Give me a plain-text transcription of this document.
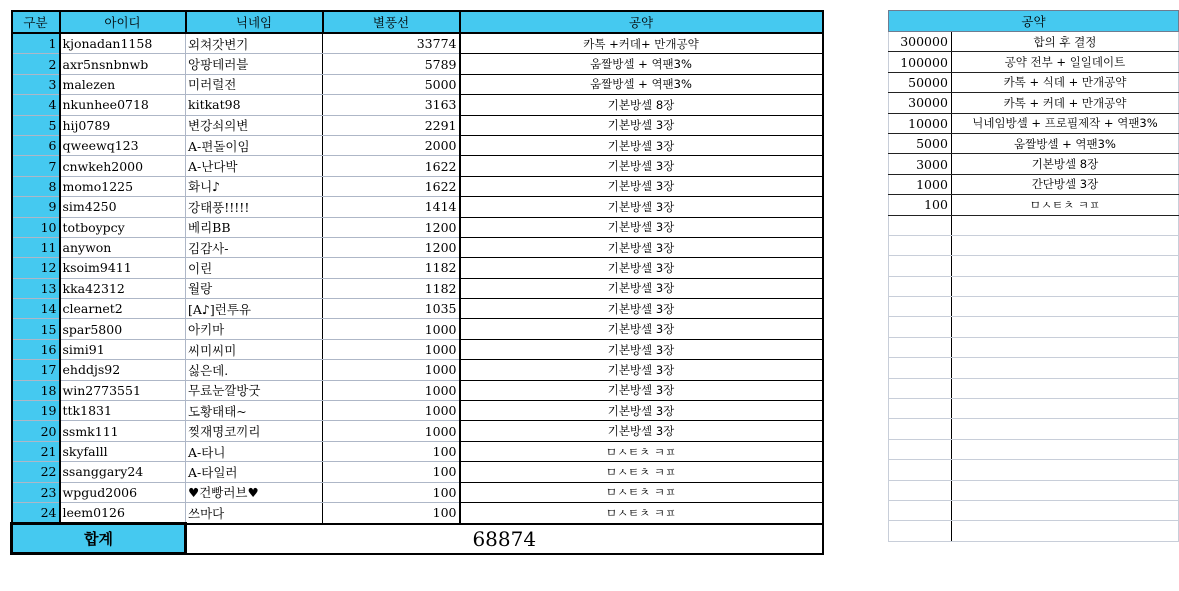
구분	아이디	닉네임	별풍선	공약
1	kjonadan1158	외쳐갓변기	33774	카톡 +커데+ 만개공약
2	axr5nsnbnwb	앙팡테러블	5789	움짤방셀 + 역팬3%
3	malezen	미러럴전	5000	움짤방셀 + 역팬3%
4	nkunhee0718	kitkat98	3163	기본방셀 8장
5	hij0789	변강쇠의변	2291	기본방셀 3장
6	qweewq123	A-편돌이임	2000	기본방셀 3장
7	cnwkeh2000	A-난다박	1622	기본방셀 3장
8	momo1225	화니♪	1622	기본방셀 3장
9	sim4250	강태풍!!!!!	1414	기본방셀 3장
10	totboypcy	베리BB	1200	기본방셀 3장
11	anywon	김감사-	1200	기본방셀 3장
12	ksoim9411	이린	1182	기본방셀 3장
13	kka42312	월랑	1182	기본방셀 3장
14	clearnet2	[A♪]런투유	1035	기본방셀 3장
15	spar5800	아키마	1000	기본방셀 3장
16	simi91	씨미씨미	1000	기본방셀 3장
17	ehddjs92	싫은데.	1000	기본방셀 3장
18	win2773551	무료눈깔방굿	1000	기본방셀 3장
19	ttk1831	도황태태~	1000	기본방셀 3장
20	ssmk111	찢재명코끼리	1000	기본방셀 3장
21	skyfalll	A-타니	100	ㅁㅅㅌㅊ ㅋㅍ
22	ssanggary24	A-타일러	100	ㅁㅅㅌㅊ ㅋㅍ
23	wpgud2006	♥건빵러브♥	100	ㅁㅅㅌㅊ ㅋㅍ
24	leem0126	쓰마다	100	ㅁㅅㅌㅊ ㅋㅍ
합계		68874		
공약	
300000	합의 후 결정
100000	공약 전부 + 일일데이트
50000	카톡 + 식데 + 만개공약
30000	카톡 + 커데 + 만개공약
10000	닉네임방셀 + 프로필제작 + 역팬3%
5000	움짤방셀 + 역팬3%
3000	기본방셀 8장
1000	간단방셀 3장
100	ㅁㅅㅌㅊ ㅋㅍ
